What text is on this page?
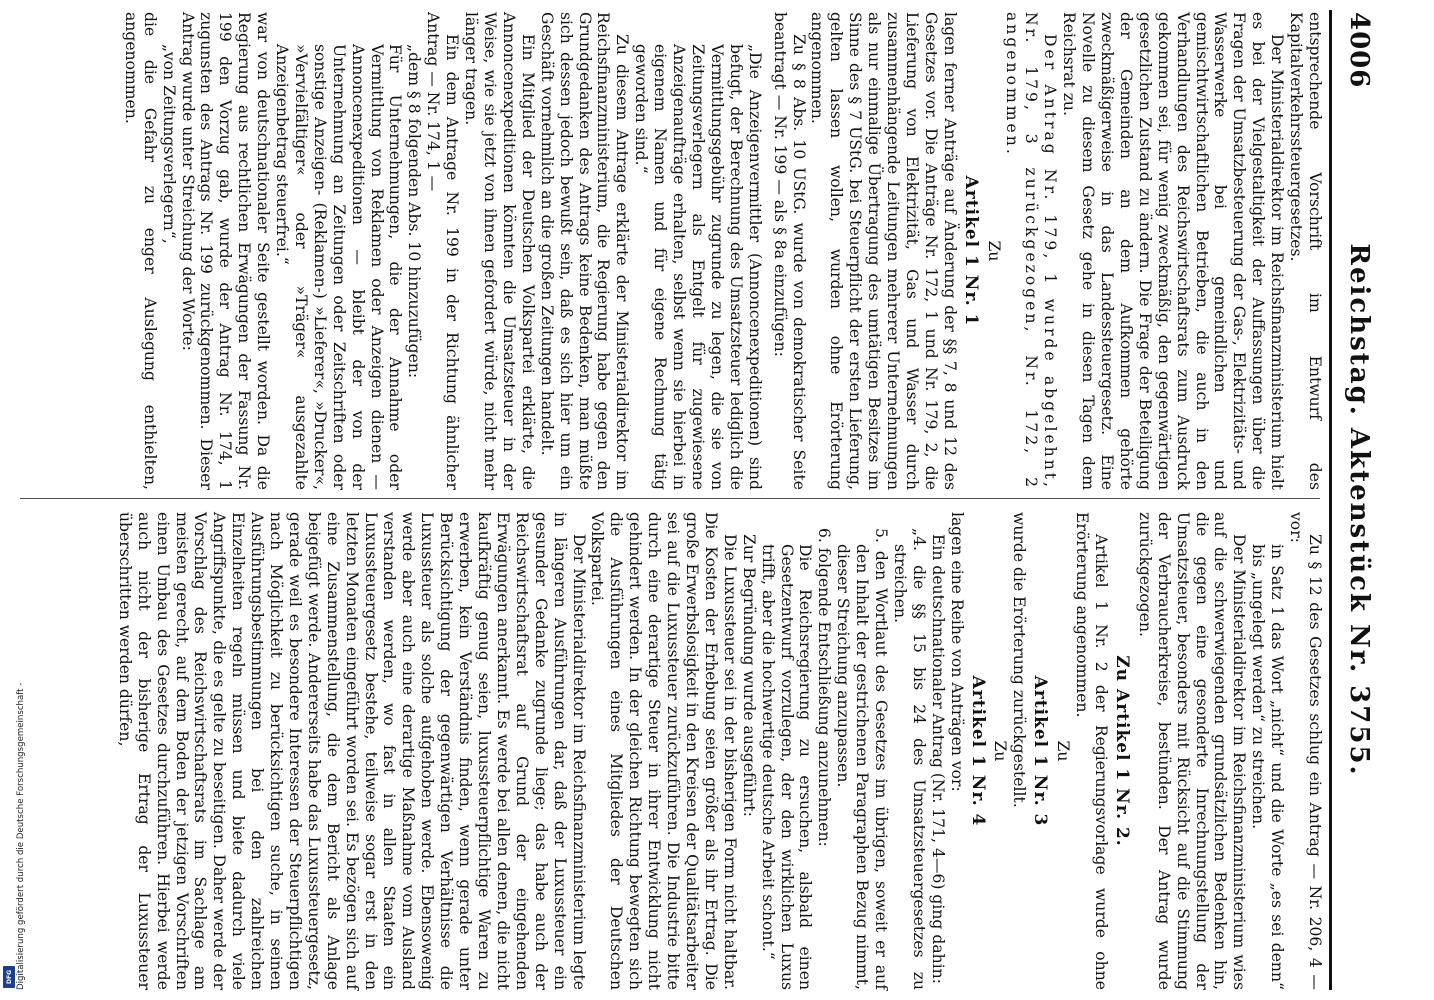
4006
Reichstag. Aktenstück Nr. 3755.

entsprechende Vorschrift im Entwurf des Kapitalverkehrssteuergesetzes.

Der Ministerialdirektor im Reichsfinanzministerium hielt es bei der Vielgestaltigkeit der Auffassungen über die Fragen der Umsatzbesteuerung der Gas-, Elektrizitäts- und Wasserwerke bei gemeindlichen und gemischtwirtschaftlichen Betrieben, die auch in den Verhandlungen des Reichswirtschaftsrats zum Ausdruck gekommen sei, für wenig zweckmäßig, den gegenwärtigen gesetzlichen Zustand zu ändern. Die Frage der Beteiligung der Gemeinden an dem Aufkommen gehörte zweckmäßigerweise in das Landessteuergesetz. Eine Novelle zu diesem Gesetz gehe in diesen Tagen dem Reichsrat zu.

Der Antrag Nr. 179, 1 wurde abgelehnt, Nr. 179, 3 zurückgezogen, Nr. 172, 2 angenommen.

Zu
Artikel 1 Nr. 1

lagen ferner Anträge auf Änderung der §§ 7, 8 und 12 des Gesetzes vor. Die Anträge Nr. 172, 1 und Nr. 179, 2, die Lieferung von Elektrizität, Gas und Wasser durch zusammenhängende Leitungen mehrerer Unternehmungen als nur einmalige Übertragung des umtätigen Besitzes im Sinne des § 7 UStG. bei Steuerpflicht der ersten Lieferung, gelten lassen wollen, wurden ohne Erörterung angenommen.

Zu § 8 Abs. 10 UStG. wurde von demokratischer Seite beantragt — Nr. 199 — als § 8a einzufügen:

„Die Anzeigenvermittler (Annoncenexpeditionen) sind befugt, der Berechnung des Umsatzsteuer lediglich die Vermittlungsgebühr zugrunde zu legen, die sie von Zeitungsverlegern als Entgelt für zugewiesene Anzeigenaufträge erhalten, selbst wenn sie hierbei in eigenem Namen und für eigene Rechnung tätig geworden sind.“

Zu diesem Antrage erklärte der Ministerialdirektor im Reichsfinanzministerium, die Regierung habe gegen den Grundgedanken des Antrags keine Bedenken, man müßte sich dessen jedoch bewußt sein, daß es sich hier um ein Geschäft vornehmlich an die großen Zeitungen handelt.

Ein Mitglied der Deutschen Volkspartei erklärte, die Annoncenexpeditionen könnten die Umsatzsteuer in der Weise, wie sie jetzt von ihnen gefordert würde, nicht mehr länger tragen.

Ein dem Antrage Nr. 199 in der Richtung ähnlicher Antrag — Nr. 174, 1 —

„dem § 8 folgenden Abs. 10 hinzuzufügen:

Für Unternehmungen, die der Annahme oder Vermittlung von Reklamen oder Anzeigen dienen — Annoncenexpeditionen — bleibt der von der Unternehmung an Zeitungen oder Zeitschriften oder sonstige Anzeigen- (Reklamen-) »Lieferer«, »Drucker«, »Vervielfältiger« oder »Träger« ausgezahlte Anzeigenbetrag steuerfrei.“

war von deutschnationaler Seite gestellt worden. Da die Regierung aus rechtlichen Erwägungen der Fassung Nr. 199 den Vorzug gab, wurde der Antrag Nr. 174, 1 zugunsten des Antrags Nr. 199 zurückgenommen. Dieser Antrag wurde unter Streichung der Worte:

„von Zeitungsverlegern“,

die die Gefahr zu enger Auslegung enthielten, angenommen.

Zu § 12 des Gesetzes schlug ein Antrag — Nr. 206, 4 — vor:

in Satz 1 das Wort „nicht“ und die Worte „es sei denn“ bis „ungelegt werden“ zu streichen.

Der Ministerialdirektor im Reichsfinanzministerium wies auf die schwerwiegenden grundsätzlichen Bedenken hin, die gegen eine gesonderte Inrechnungstellung der Umsatzsteuer, besonders mit Rücksicht auf die Stimmung der Verbraucherkreise, bestünden. Der Antrag wurde zurückgezogen.

Zu Artikel 1 Nr. 2.

Artikel 1 Nr. 2 der Regierungsvorlage wurde ohne Erörterung angenommen.

Zu
Artikel 1 Nr. 3

wurde die Erörterung zurückgestellt.

Zu
Artikel 1 Nr. 4

lagen eine Reihe von Anträgen vor:

Ein deutschnationaler Antrag (Nr. 171, 4—6) ging dahin:

„4. die §§ 15 bis 24 des Umsatzsteuergesetzes zu streichen.

5. den Wortlaut des Gesetzes im übrigen, soweit er auf den Inhalt der gestrichenen Paragraphen Bezug nimmt, dieser Streichung anzupassen.

6. folgende Entschließung anzunehmen:

Die Reichsregierung zu ersuchen, alsbald einen Gesetzentwurf vorzulegen, der den wirklichen Luxus trifft, aber die hochwertige deutsche Arbeit schont.“

Zur Begründung wurde ausgeführt:

Die Luxussteuer sei in der bisherigen Form nicht haltbar. Die Kosten der Erhebung seien größer als ihr Ertrag. Die große Erwerbslosigkeit in den Kreisen der Qualitätsarbeiter sei auf die Luxussteuer zurückzuführen. Die Industrie bitte durch eine derartige Steuer in ihrer Entwicklung nicht gehindert werden. In der gleichen Richtung bewegten sich die Ausführungen eines Mitgliedes der Deutschen Volkspartei.

Der Ministerialdirektor im Reichsfinanzministerium legte in längeren Ausführungen dar, daß der Luxussteuer ein gesunder Gedanke zugrunde liege; das habe auch der Reichswirtschaftsrat auf Grund der eingehenden Erwägungen anerkannt. Es werde bei allen denen, die nicht kaufkräftig genug seien, luxussteuerpflichtige Waren zu erwerben, kein Verständnis finden, wenn gerade unter Berücksichtigung der gegenwärtigen Verhältnisse die Luxussteuer als solche aufgehoben werde. Ebensowenig werde aber auch eine derartige Maßnahme vom Ausland verstanden werden, wo fast in allen Staaten ein Luxussteuergesetz bestehe, teilweise sogar erst in den letzten Monaten eingeführt worden sei. Es bezögen sich auf eine Zusammenstellung, die dem Bericht als Anlage beigefügt werde. Andererseits habe das Luxussteuergesetz, gerade weil es besondere Interessen der Steuerpflichtigen nach Möglichkeit zu berücksichtigen suche, in seinen Ausführungsbestimmungen bei den zahlreichen Einzelheiten regeln müssen und biete dadurch viele Angriffspunkte, die es gelte zu beseitigen. Daher werde der Vorschlag des Reichswirtschaftsrats im Sachlage am meisten gerecht, auf dem Boden der jetzigen Vorschriften einen Umbau des Gesetzes durchzuführen. Hierbei werde auch nicht der bisherige Ertrag der Luxussteuer überschritten werden dürfen,

Digitalisierung gefördert durch die Deutsche Forschungsgemeinschaft -
DFG
